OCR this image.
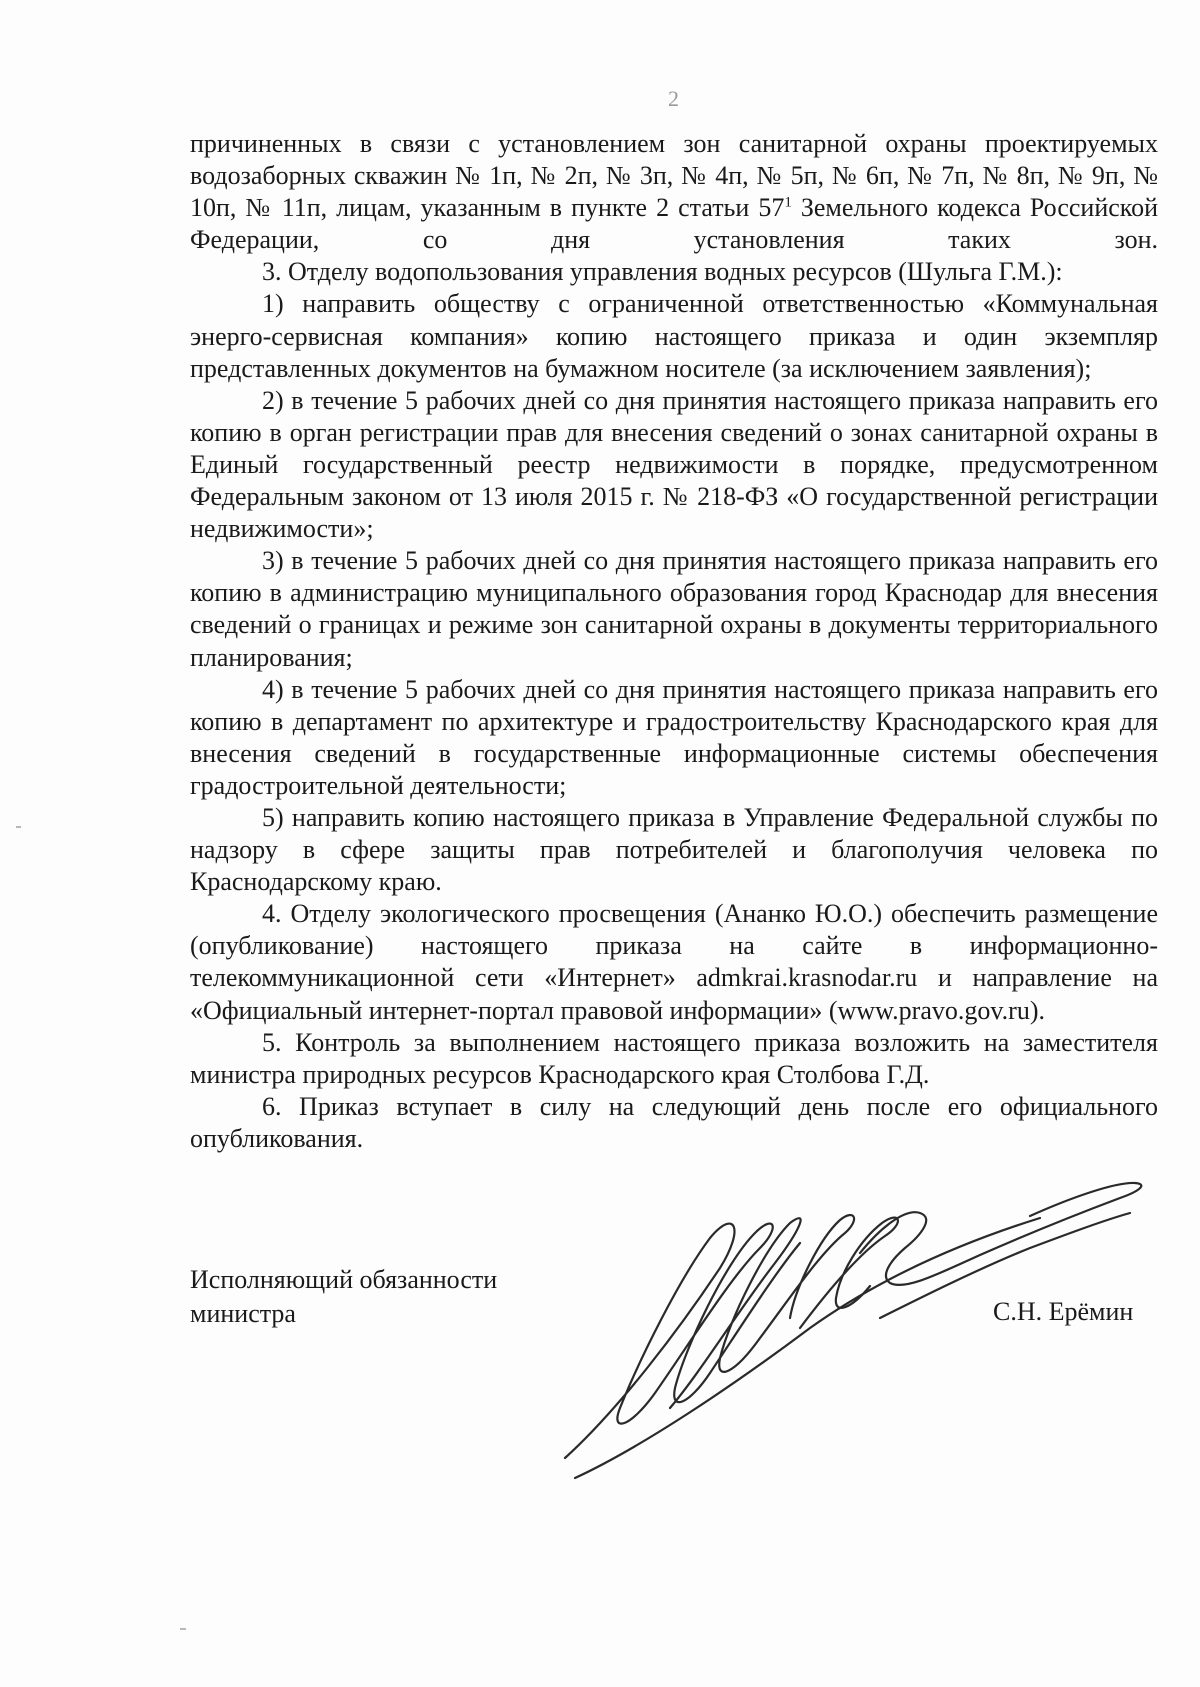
2

причиненных в связи с установлением зон санитарной охраны проектируемых водозаборных скважин № 1п, № 2п, № 3п, № 4п, № 5п, № 6п, № 7п, № 8п, № 9п, № 10п, № 11п, лицам, указанным в пункте 2 статьи $57^1$ Земельного кодекса Российской Федерации, со дня установления таких зон.

3. Отделу водопользования управления водных ресурсов (Шульга Г.М.):

1) направить обществу с ограниченной ответственностью «Коммунальная энерго-сервисная компания» копию настоящего приказа и один экземпляр представленных документов на бумажном носителе (за исключением заявления);

2) в течение 5 рабочих дней со дня принятия настоящего приказа направить его копию в орган регистрации прав для внесения сведений о зонах санитарной охраны в Единый государственный реестр недвижимости в порядке, предусмотренном Федеральным законом от 13 июля 2015 г. № 218-ФЗ «О государственной регистрации недвижимости»;

3) в течение 5 рабочих дней со дня принятия настоящего приказа направить его копию в администрацию муниципального образования город Краснодар для внесения сведений о границах и режиме зон санитарной охраны в документы территориального планирования;

4) в течение 5 рабочих дней со дня принятия настоящего приказа направить его копию в департамент по архитектуре и градостроительству Краснодарского края для внесения сведений в государственные информационные системы обеспечения градостроительной деятельности;

5) направить копию настоящего приказа в Управление Федеральной службы по надзору в сфере защиты прав потребителей и благополучия человека по Краснодарскому краю.

4. Отделу экологического просвещения (Ананко Ю.О.) обеспечить размещение (опубликование) настоящего приказа на сайте в информационно-телекоммуникационной сети «Интернет» admkrai.krasnodar.ru и направление на «Официальный интернет-портал правовой информации» (www.pravo.gov.ru).

5. Контроль за выполнением настоящего приказа возложить на заместителя министра природных ресурсов Краснодарского края Столбова Г.Д.

6. Приказ вступает в силу на следующий день после его официального опубликования.

Исполняющий обязанности
министра	С.Н. Ерёмин
